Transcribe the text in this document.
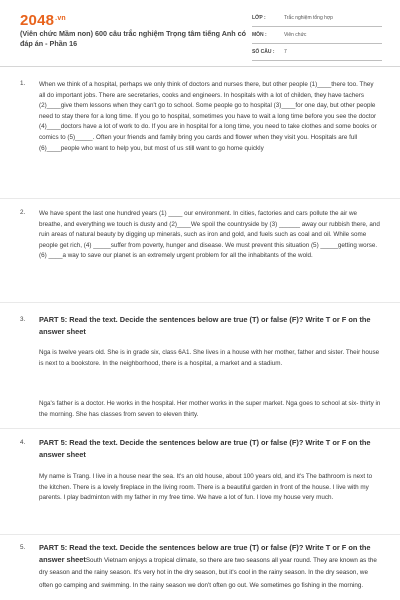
$2048^{.vn}$
(Viên chức Mầm non) 600 câu trắc nghiệm Trọng tâm tiếng Anh có đáp án - Phần 16
LỚP :	Trắc nghiệm tổng hợp
MÔN :	Viên chức
SỐ CÂU : 7
1. When we think of a hospital, perhaps we only think of doctors and nurses there, but other people (1)____there too. They all do important jobs. There are secretaries, cooks and engineers. In hospitals with a lot of childen, they have tachers (2)____give them lessons when they can't go to school. Some people go to hospital (3)____for one day, but other people need to stay there for a long time. If you go to hospital, sometimes you have to wait a long time before you see the doctor (4)____doctors have a lot of work to do. If you are in hospital for a long time, you need to take clothes and some books or comics to (5)_____. Often your friends and family bring you cards and flower when they visit you. Hospitals are full (6)____people who want to help you, but most of us still want to go home quickly
2. We have spent the last one hundred years (1) ____ our environment. In cities, factories and cars pollute the air we breathe, and everything we touch is dusty and (2)____We spoil the countryside by (3) ______ away our rubbish there, and ruin areas of natural beauty by digging up minerals, such as iron and gold, and fuels such as coal and oil. While some people get rich, (4) _____suffer from poverty, hunger and disease. We must prevent this situation (5) _____getting worse. (6) ____a way to save our planet is an extremely urgent problem for all the inhabitants of the wold.
3. PART 5: Read the text. Decide the sentences below are true (T) or false (F)? Write T or F on the answer sheet
Nga is twelve years old. She is in grade six, class 6A1. She lives in a house with her mother, father and sister. Their house is next to a bookstore. In the neighborhood, there is a hospital, a market and a stadium.
Nga's father is a doctor. He works in the hospital. Her mother works in the super market. Nga goes to school at six- thirty in the morning. She has classes from seven to eleven thirty.
4. PART 5: Read the text. Decide the sentences below are true (T) or false (F)? Write T or F on the answer sheet
My name is Trang. I live in a house near the sea. It's an old house, about 100 years old, and it's The bathroom is next to the kitchen. There is a lovely fireplace in the living room. There is a beautiful garden in front of the house. I live with my parents. I play badminton with my father in my free time. We have a lot of fun. I love my house very much.
5. PART 5: Read the text. Decide the sentences below are true (T) or false (F)? Write T or F on the answer sheetSouth Vietnam enjoys a tropical climate, so there are two seasons all year round. They are known as the dry season and the rainy season. It's very hot in the dry season, but it's cool in the rainy season. In the dry season, we often go camping and swimming. In the rainy season we don't often go out. We sometimes go fishing in the morning.
